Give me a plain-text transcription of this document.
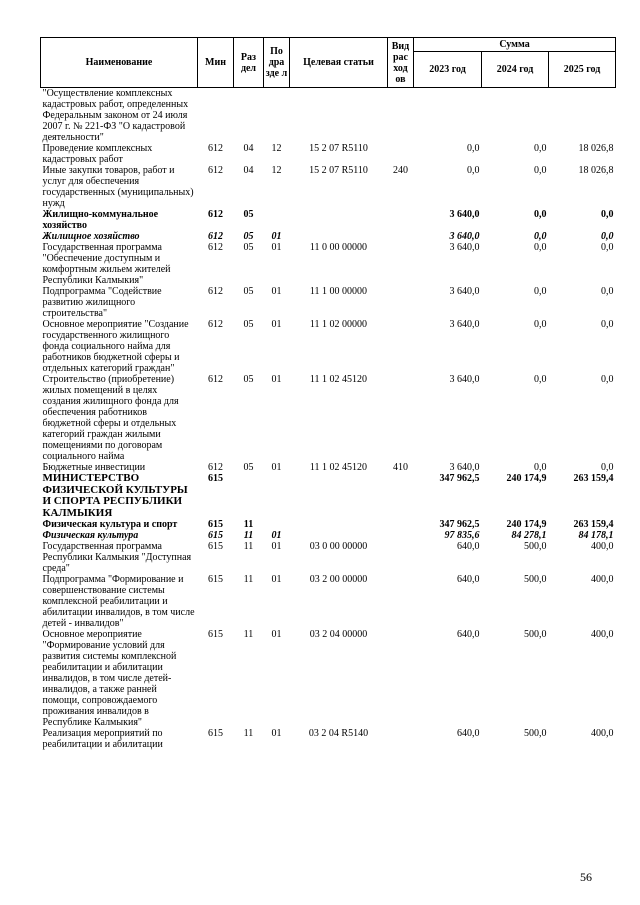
Наименование	Мин	Раз дел	По дра зде л	Целевая статьи	Вид рас ход ов	Сумма		
						2023 год	2024 год	2025 год
"Осуществление комплексных кадастровых работ, определенных Федеральным законом от 24 июля 2007 г. № 221-ФЗ "О кадастровой деятельности"								
Проведение комплексных кадастровых работ	612	04	12	15 2 07 R5110		0,0	0,0	18 026,8
Иные закупки товаров, работ и услуг для обеспечения государственных (муниципальных) нужд	612	04	12	15 2 07 R5110	240	0,0	0,0	18 026,8
Жилищно-коммунальное хозяйство	612	05				3 640,0	0,0	0,0
Жилищное хозяйство	612	05	01			3 640,0	0,0	0,0
Государственная программа "Обеспечение доступным и комфортным жильем жителей Республики Калмыкия"	612	05	01	11 0 00 00000		3 640,0	0,0	0,0
Подпрограмма "Содействие развитию жилищного строительства"	612	05	01	11 1 00 00000		3 640,0	0,0	0,0
Основное мероприятие "Создание государственного жилищного фонда социального найма для работников бюджетной сферы и отдельных категорий граждан"	612	05	01	11 1 02 00000		3 640,0	0,0	0,0
Строительство (приобретение) жилых помещений в целях создания жилищного фонда для обеспечения работников бюджетной сферы и отдельных категорий граждан жилыми помещениями по договорам социального найма	612	05	01	11 1 02 45120		3 640,0	0,0	0,0
Бюджетные инвестиции	612	05	01	11 1 02 45120	410	3 640,0	0,0	0,0
МИНИСТЕРСТВО ФИЗИЧЕСКОЙ КУЛЬТУРЫ И СПОРТА РЕСПУБЛИКИ КАЛМЫКИЯ	615					347 962,5	240 174,9	263 159,4
Физическая культура и спорт	615	11				347 962,5	240 174,9	263 159,4
Физическая культура	615	11	01			97 835,6	84 278,1	84 178,1
Государственная программа Республики Калмыкия "Доступная среда"	615	11	01	03 0 00 00000		640,0	500,0	400,0
Подпрограмма "Формирование и совершенствование системы комплексной реабилитации и абилитации инвалидов, в том числе детей - инвалидов"	615	11	01	03 2 00 00000		640,0	500,0	400,0
Основное мероприятие "Формирование условий для развития системы комплексной реабилитации и абилитации инвалидов, в том числе детей-инвалидов, а также ранней помощи, сопровождаемого проживания инвалидов в Республике Калмыкия"	615	11	01	03 2 04 00000		640,0	500,0	400,0
Реализация мероприятий по реабилитации и абилитации	615	11	01	03 2 04 R5140		640,0	500,0	400,0
56
